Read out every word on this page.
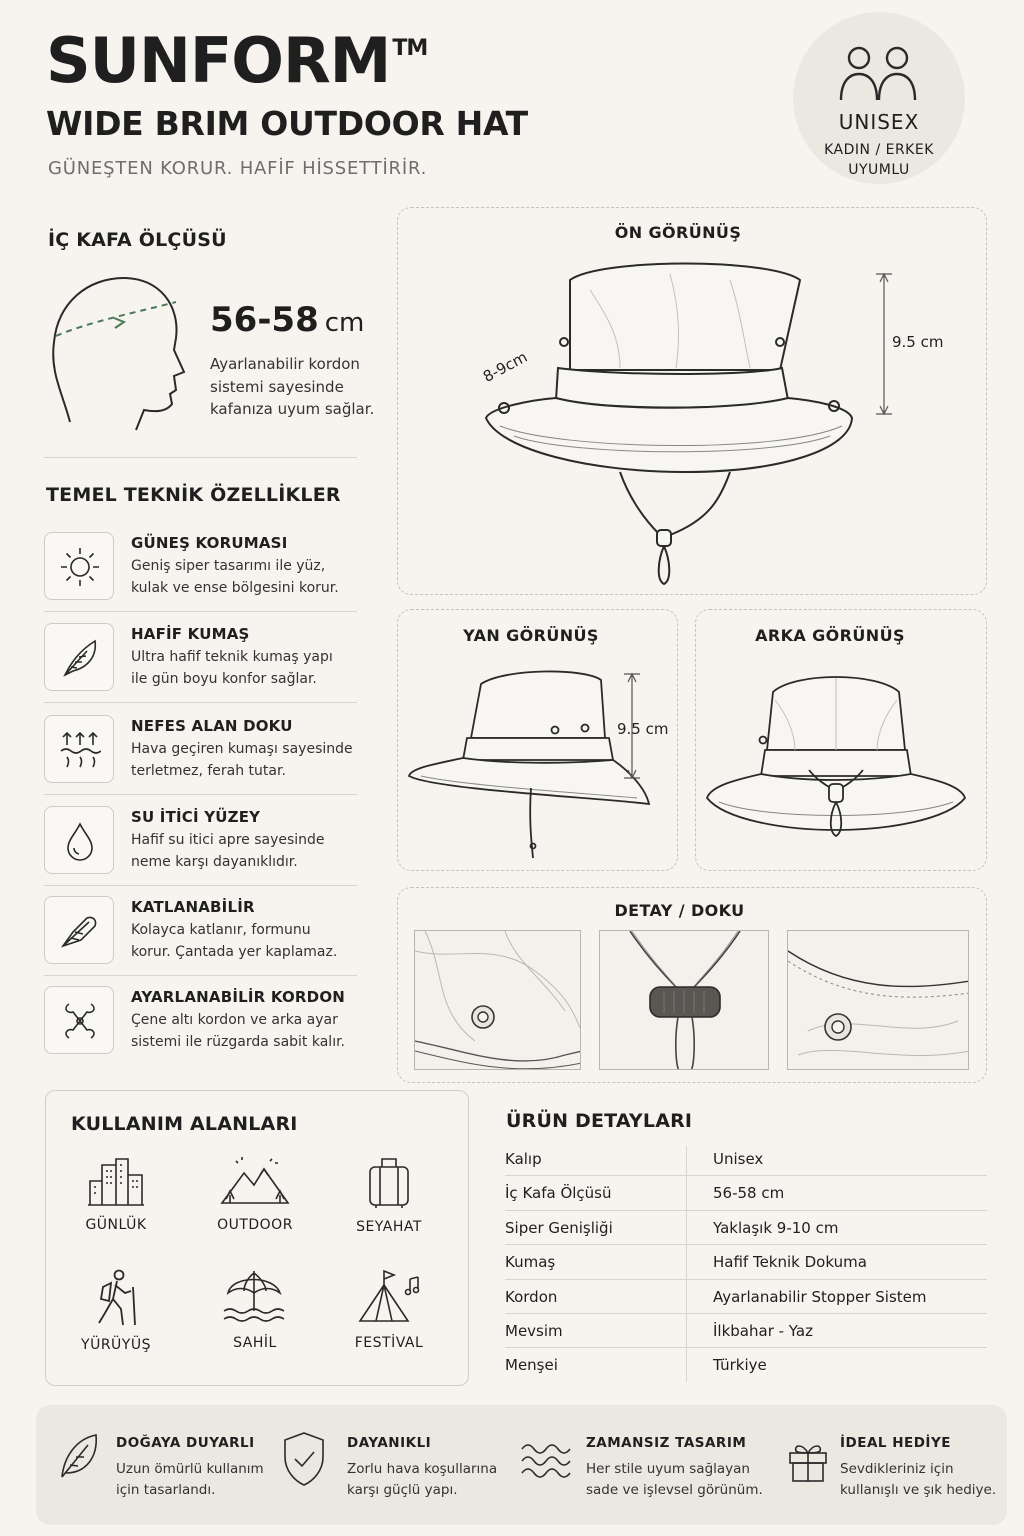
SUNFORM™
WIDE BRIM OUTDOOR HAT
GÜNEŞTEN KORUR. HAFİF HİSSETTİRİR.
UNISEX
KADIN / ERKEK
UYUMLU
İÇ KAFA ÖLÇÜSÜ
56-58 cm
Ayarlanabilir kordon sistemi sayesinde kafanıza uyum sağlar.
TEMEL TEKNİK ÖZELLİKLER
GÜNEŞ KORUMASI
Geniş siper tasarımı ile yüz,
kulak ve ense bölgesini korur.
HAFİF KUMAŞ
Ultra hafif teknik kumaş yapı
ile gün boyu konfor sağlar.
NEFES ALAN DOKU
Hava geçiren kumaşı sayesinde
terletmez, ferah tutar.
SU İTİCİ YÜZEY
Hafif su itici apre sayesinde
neme karşı dayanıklıdır.
KATLANABİLİR
Kolayca katlanır, formunu
korur. Çantada yer kaplamaz.
AYARLANABİLİR KORDON
Çene altı kordon ve arka ayar
sistemi ile rüzgarda sabit kalır.
ÖN GÖRÜNÜŞ
9.5 cm
8-9cm
YAN GÖRÜNÜŞ
9.5 cm
ARKA GÖRÜNÜŞ
DETAY / DOKU
KULLANIM ALANLARI
GÜNLÜK	OUTDOOR	SEYAHAT
YÜRÜYÜŞ	SAHİL	FESTİVAL
ÜRÜN DETAYLARI
Kalıp	Unisex
İç Kafa Ölçüsü	56-58 cm
Siper Genişliği	Yaklaşık 9-10 cm
Kumaş	Hafif Teknik Dokuma
Kordon	Ayarlanabilir Stopper Sistem
Mevsim	İlkbahar - Yaz
Menşei	Türkiye
DOĞAYA DUYARLI
Uzun ömürlü kullanım
için tasarlandı.
DAYANIKLI
Zorlu hava koşullarına
karşı güçlü yapı.
ZAMANSIZ TASARIM
Her stile uyum sağlayan
sade ve işlevsel görünüm.
İDEAL HEDİYE
Sevdikleriniz için
kullanışlı ve şık hediye.
